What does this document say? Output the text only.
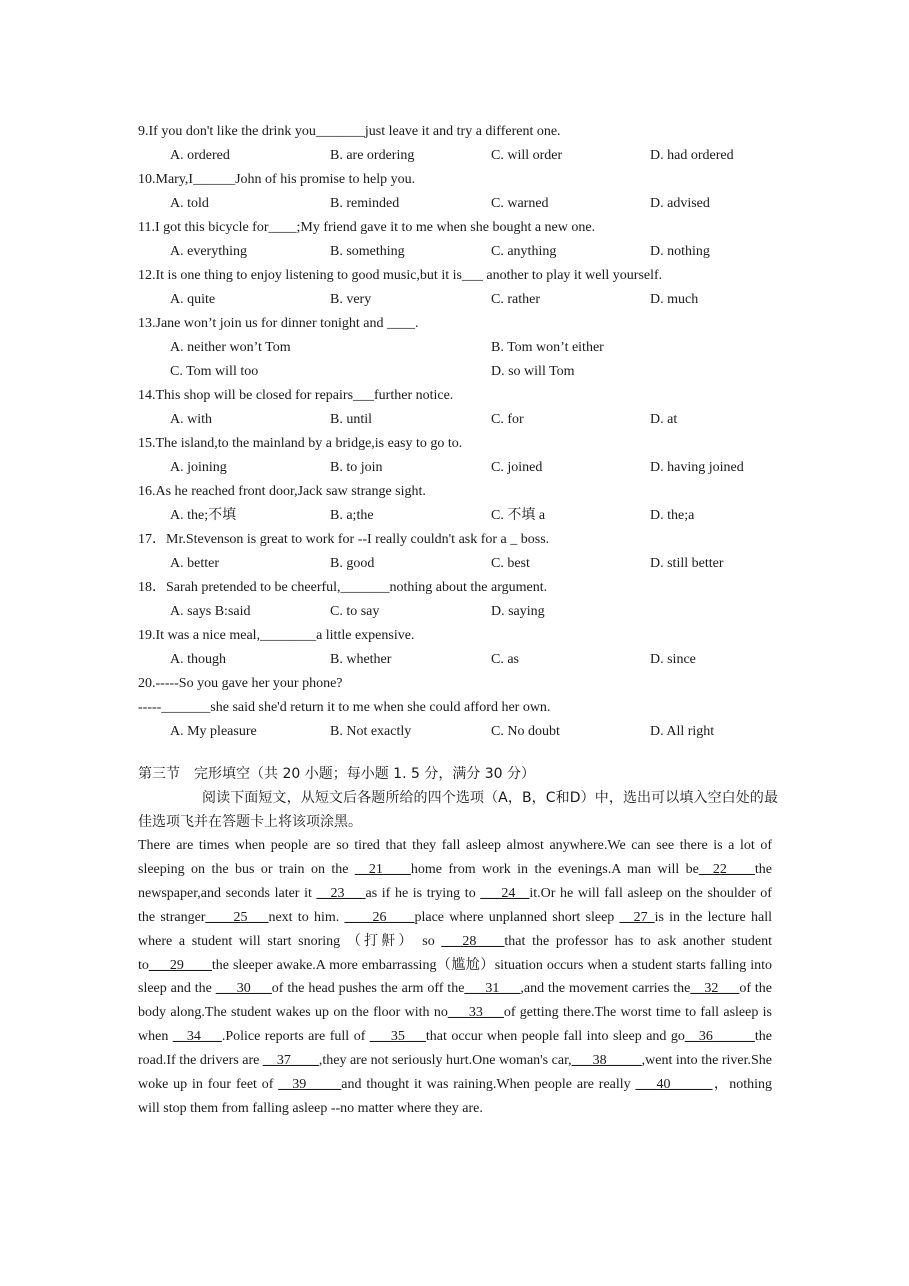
9.If you don't like the drink you_______just leave it and try a different one.
A. ordered	B. are ordering	C. will order	D. had ordered
10.Mary,I______John of his promise to help you.
A. told	B. reminded	C. warned	D. advised
11.I got this bicycle for____;My friend gave it to me when she bought a new one.
A. everything	B. something	C. anything	D. nothing
12.It is one thing to enjoy listening to good music,but it is___ another to play it well yourself.
A. quite	B. very	C. rather	D. much
13.Jane won’t join us for dinner tonight and ____.
A. neither won’t Tom	B. Tom won’t either
C. Tom will too	D. so will Tom
14.This shop will be closed for repairs___further notice.
A. with	B. until	C. for	D. at
15.The island,to the mainland by a bridge,is easy to go to.
A. joining	B. to join	C. joined	D. having joined
16.As he reached front door,Jack saw strange sight.
A. the;不填	B. a;the	C. 不填 a	D. the;a
17．Mr.Stevenson is great to work for --I really couldn't ask for a _ boss.
A. better	B. good	C. best	D. still better
18．Sarah pretended to be cheerful,_______nothing about the argument.
A. says B:said	C. to say	D. saying
19.It was a nice meal,________a little expensive.
A. though	B. whether	C. as	D. since
20.-----So you gave her your phone?
-----_______she said she'd return it to me when she could afford her own.
A. My pleasure	B. Not exactly	C. No doubt	D. All right
第三节　完形填空（共 20 小题；每小题 1. 5 分，满分 30 分）
阅读下面短文，从短文后各题所给的四个选项（A，B，C和D）中，选出可以填入空白处的最佳选项飞并在答题卡上将该项涂黑。
There are times when people are so tired that they fall asleep almost anywhere.We can see there is a lot of sleeping on the bus or train on the __21____home from work in the evenings.A man will be__22____the newspaper,and seconds later it __23___as if he is trying to ___24__it.Or he will fall asleep on the shoulder of the stranger____25___next to him. ____26____place where unplanned short sleep __27_is in the lecture hall where a student will start snoring （打鼾） so ___28____that the professor has to ask another student to___29____the sleeper awake.A more embarrassing（尴尬）situation occurs when a student starts falling into sleep and the ___30___of the head pushes the arm off the___31___,and the movement carries the__32___of the body along.The student wakes up on the floor with no___33___of getting there.The worst time to fall asleep is when __34___.Police reports are full of ___35___that occur when people fall into sleep and go__36______the road.If the drivers are __37____,they are not seriously hurt.One woman's car,___38_____,went into the river.She woke up in four feet of __39_____and thought it was raining.When people are really ___40______，nothing will stop them from falling asleep --no matter where they are.
